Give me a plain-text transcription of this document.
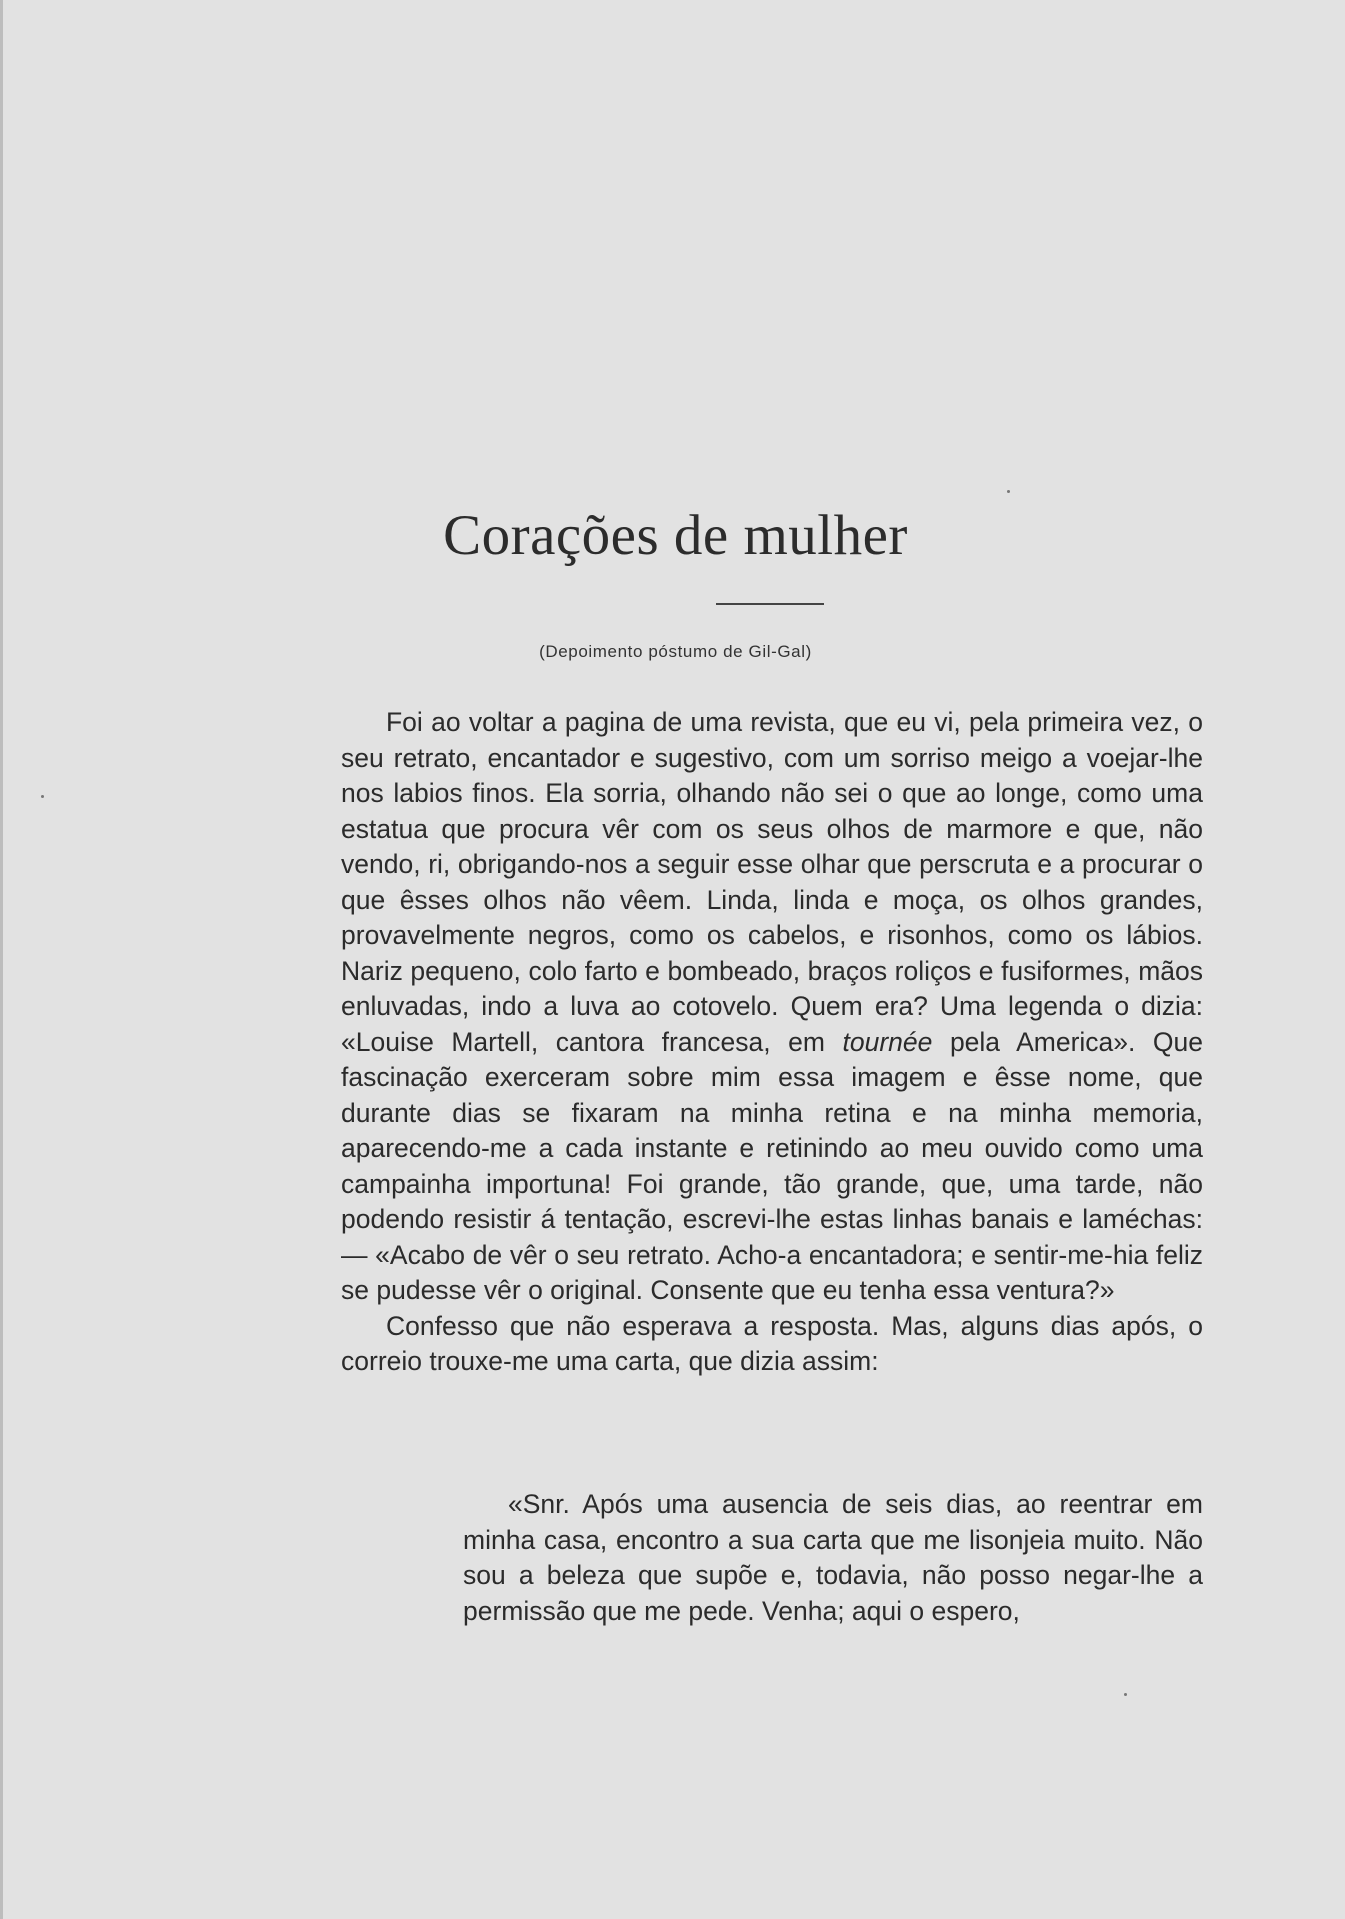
Corações de mulher
(Depoimento póstumo de Gil-Gal)

Foi ao voltar a pagina de uma revista, que eu vi, pela primeira vez, o seu retrato, encantador e sugestivo, com um sorriso meigo a voejar-lhe nos labios finos. Ela sorria, olhando não sei o que ao longe, como uma estatua que procura vêr com os seus olhos de marmore e que, não vendo, ri, obrigando-nos a seguir esse olhar que perscruta e a procurar o que êsses olhos não vêem. Linda, linda e moça, os olhos grandes, provavelmente negros, como os cabelos, e risonhos, como os lábios. Nariz pequeno, colo farto e bombeado, braços roliços e fusiformes, mãos enluvadas, indo a luva ao cotovelo. Quem era? Uma legenda o dizia: «Louise Martell, cantora francesa, em tournée pela America». Que fascinação exerceram sobre mim essa imagem e êsse nome, que durante dias se fixaram na minha retina e na minha memoria, aparecendo-me a cada instante e retinindo ao meu ouvido como uma campainha importuna! Foi grande, tão grande, que, uma tarde, não podendo resistir á tentação, escrevi-lhe estas linhas banais e laméchas: — «Acabo de vêr o seu retrato. Acho-a encantadora; e sentir-me-hia feliz se pudesse vêr o original. Consente que eu tenha essa ventura?»

Confesso que não esperava a resposta. Mas, alguns dias após, o correio trouxe-me uma carta, que dizia assim:

«Snr. Após uma ausencia de seis dias, ao reentrar em minha casa, encontro a sua carta que me lisonjeia muito. Não sou a beleza que supõe e, todavia, não posso negar-lhe a permissão que me pede. Venha; aqui o espero,
